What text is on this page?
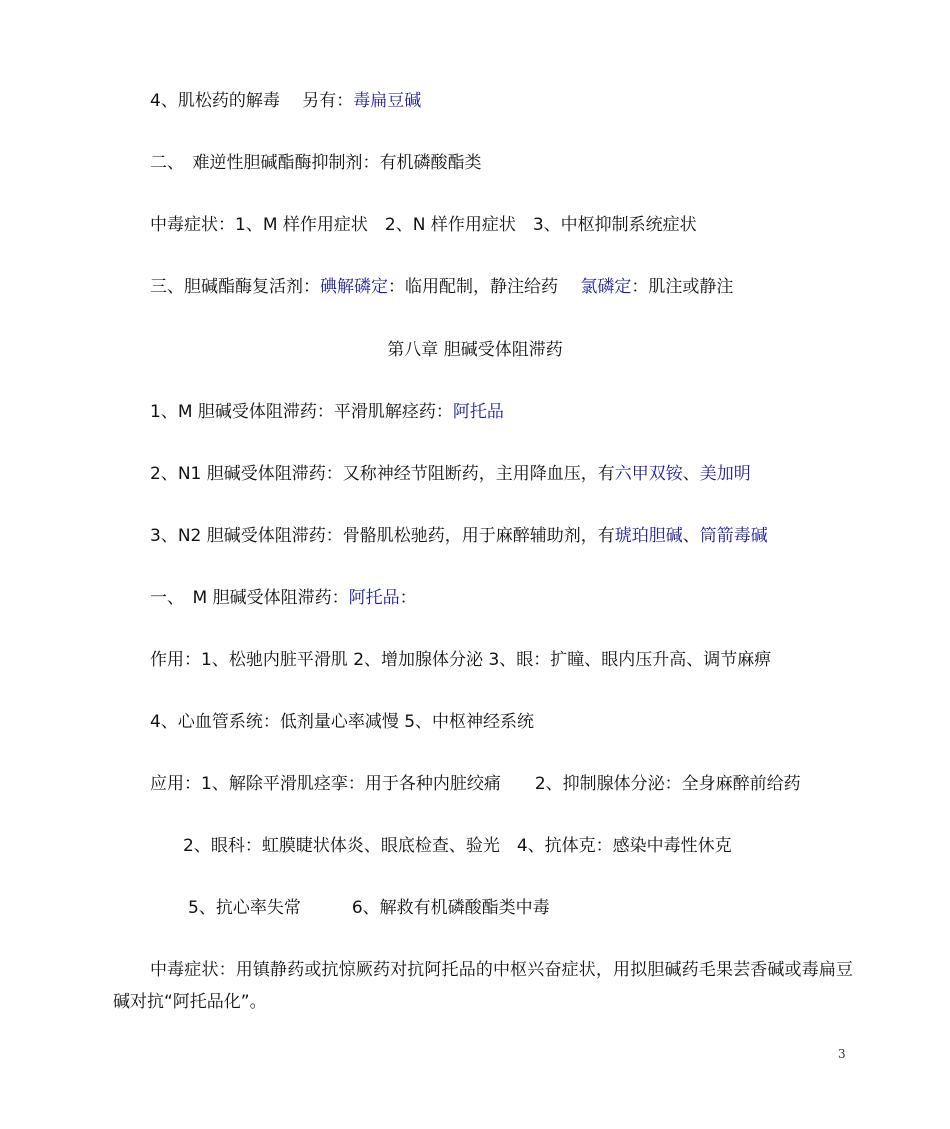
4、肌松药的解毒　 另有：毒扁豆碱
二、　难逆性胆碱酯酶抑制剂：有机磷酸酯类
中毒症状：1、M 样作用症状　2、N 样作用症状　3、中枢抑制系统症状
三、胆碱酯酶复活剂：碘解磷定：临用配制，静注给药　 氯磷定：肌注或静注
第八章 胆碱受体阻滞药
1、M 胆碱受体阻滞药：平滑肌解痉药：阿托品
2、N1 胆碱受体阻滞药：又称神经节阻断药，主用降血压，有六甲双铵、美加明
3、N2 胆碱受体阻滞药：骨骼肌松驰药，用于麻醉辅助剂，有琥珀胆碱、筒箭毒碱
一、　M 胆碱受体阻滞药：阿托品：
作用：1、松驰内脏平滑肌 2、增加腺体分泌 3、眼：扩瞳、眼内压升高、调节麻痹
4、心血管系统：低剂量心率减慢 5、中枢神经系统
应用：1、解除平滑肌痉挛：用于各种内脏绞痛　　2、抑制腺体分泌：全身麻醉前给药
2、眼科：虹膜睫状体炎、眼底检查、验光　4、抗体克：感染中毒性休克
5、抗心率失常　　　6、解救有机磷酸酯类中毒
中毒症状：用镇静药或抗惊厥药对抗阿托品的中枢兴奋症状，用拟胆碱药毛果芸香碱或毒扁豆碱对抗“阿托品化”。
3
